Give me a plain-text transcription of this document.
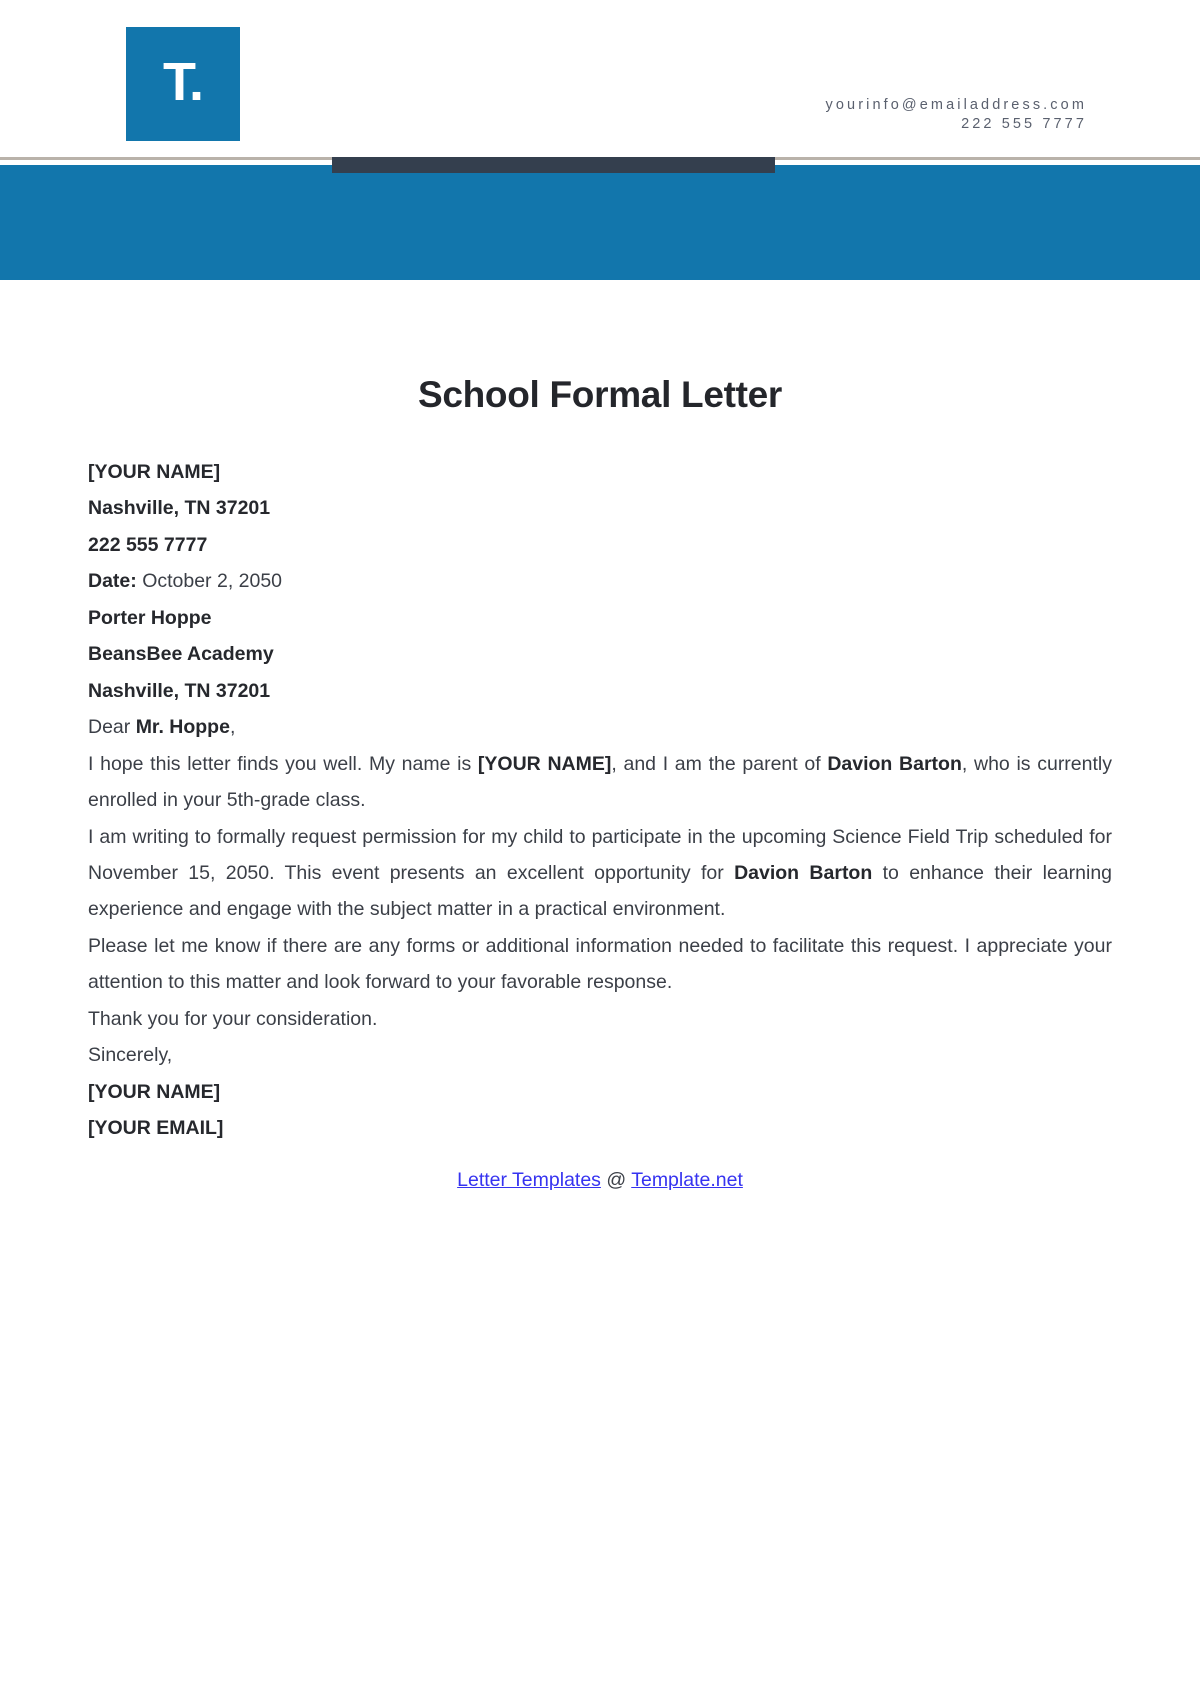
T.	yourinfo@emailaddress.com
222 555 7777
School Formal Letter

[YOUR NAME]

Nashville, TN 37201

222 555 7777

Date: October 2, 2050

Porter Hoppe

BeansBee Academy

Nashville, TN 37201

Dear Mr. Hoppe,

I hope this letter finds you well. My name is [YOUR NAME], and I am the parent of Davion Barton, who is currently enrolled in your 5th-grade class.

I am writing to formally request permission for my child to participate in the upcoming Science Field Trip scheduled for November 15, 2050. This event presents an excellent opportunity for Davion Barton to enhance their learning experience and engage with the subject matter in a practical environment.

Please let me know if there are any forms or additional information needed to facilitate this request. I appreciate your attention to this matter and look forward to your favorable response.

Thank you for your consideration.

Sincerely,

[YOUR NAME]

[YOUR EMAIL]

Letter Templates @ Template.net
